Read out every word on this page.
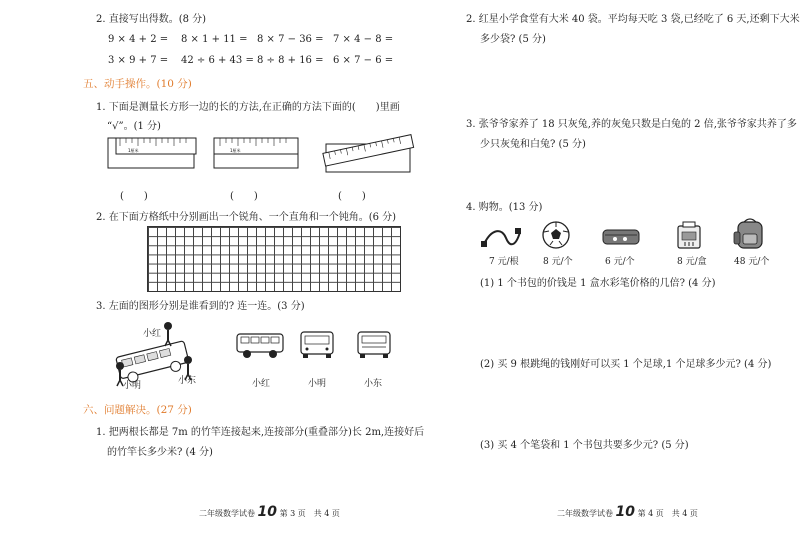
2. 直接写出得数。(8 分)
9 × 4 + 2 = 8 × 1 + 11 = 8 × 7 − 36 = 7 × 4 − 8 =
3 × 9 + 7 = 42 ÷ 6 + 43 = 8 ÷ 8 + 16 = 6 × 7 − 6 =
五、动手操作。(10 分)
1. 下面是测量长方形一边的长的方法,在正确的方法下面的(　　)里画
“√”。(1 分)
1厘米	1厘米
(　　)	(　　)	(　　)
2. 在下面方格纸中分别画出一个锐角、一个直角和一个钝角。(6 分)
3. 左面的图形分别是谁看到的? 连一连。(3 分)
小红
小明	小东	小红	小明	小东
六、问题解决。(27 分)
1. 把两根长都是 7m 的竹竿连接起来,连接部分(重叠部分)长 2m,连接好后
的竹竿长多少米? (4 分)
二年级数学试卷 10 第 3 页　共 4 页
2. 红星小学食堂有大米 40 袋。平均每天吃 3 袋,已经吃了 6 天,还剩下大米
多少袋? (5 分)
3. 张爷爷家养了 18 只灰兔,养的灰兔只数是白兔的 2 倍,张爷爷家共养了多
少只灰兔和白兔? (5 分)
4. 购物。(13 分)
7 元/根	8 元/个	6 元/个	8 元/盒	48 元/个
(1) 1 个书包的价钱是 1 盒水彩笔价格的几倍? (4 分)
(2) 买 9 根跳绳的钱刚好可以买 1 个足球,1 个足球多少元? (4 分)
(3) 买 4 个笔袋和 1 个书包共要多少元? (5 分)
二年级数学试卷 10 第 4 页　共 4 页
